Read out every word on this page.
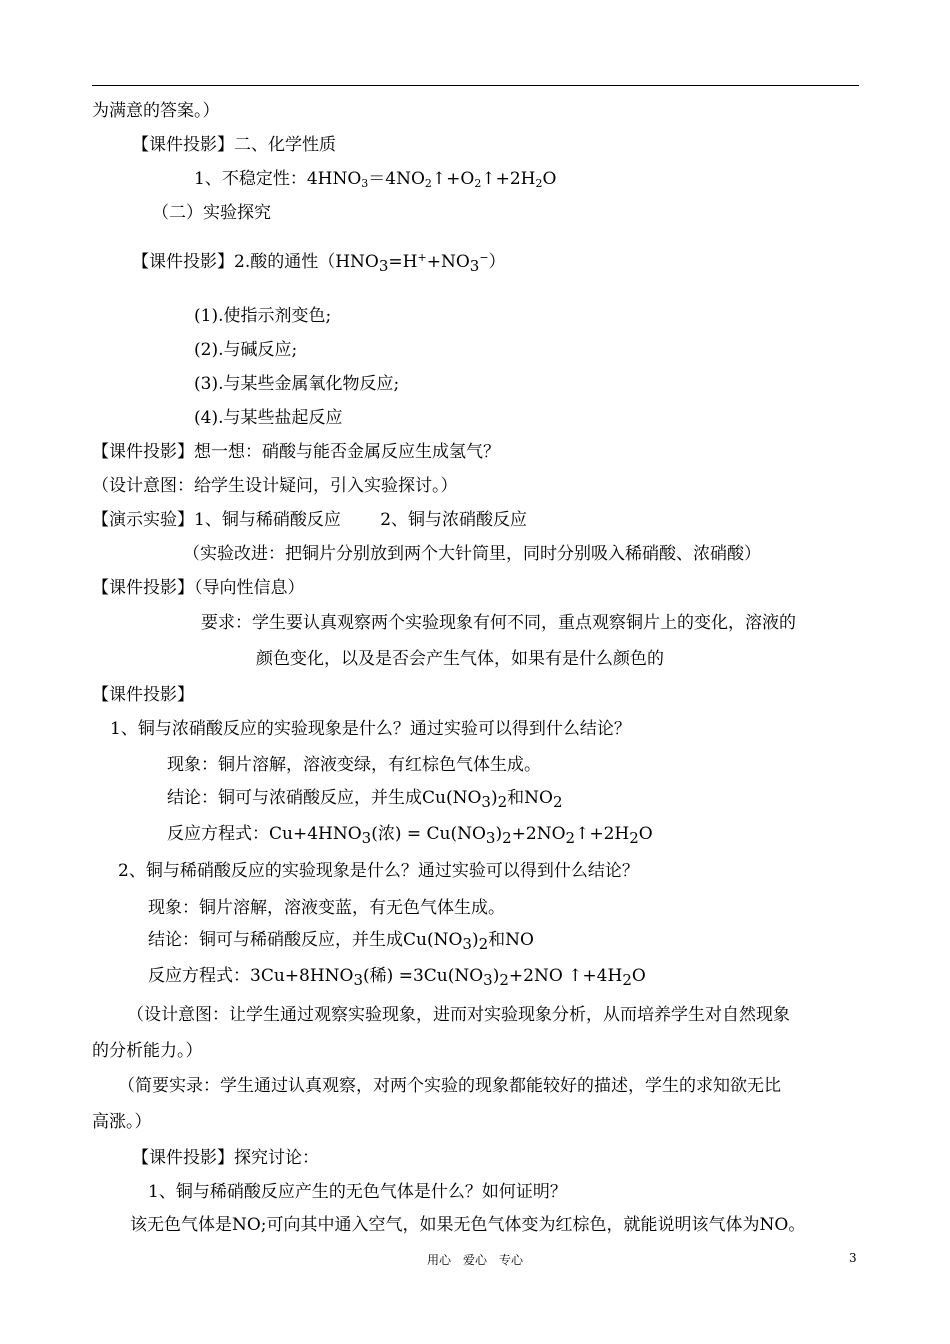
为满意的答案。）
【课件投影】二、化学性质
1、不稳定性：$4HNO_3=4NO_2↑+O_2↑+2H_2O$
（二）实验探究
【课件投影】2.酸的通性$(HNO_3=H^++NO_3^-)$
(1).使指示剂变色;
(2).与碱反应;
(3).与某些金属氧化物反应;
(4).与某些盐起反应
【课件投影】想一想：硝酸与能否金属反应生成氢气？
（设计意图：给学生设计疑问，引入实验探讨。）
【演示实验】1、铜与稀硝酸反应　　 2、铜与浓硝酸反应
（实验改进：把铜片分别放到两个大针筒里，同时分别吸入稀硝酸、浓硝酸）
【课件投影】（导向性信息）
要求：学生要认真观察两个实验现象有何不同，重点观察铜片上的变化，溶液的
颜色变化，以及是否会产生气体，如果有是什么颜色的
【课件投影】
1、铜与浓硝酸反应的实验现象是什么？通过实验可以得到什么结论？
现象：铜片溶解，溶液变绿，有红棕色气体生成。
结论：铜可与浓硝酸反应，并生成$Cu(NO_3)_2$和$NO_2$
反应方程式：$Cu+4HNO_3$(浓) = $Cu(NO_3)_2+2NO_2↑+2H_2O$
2、铜与稀硝酸反应的实验现象是什么？通过实验可以得到什么结论？
现象：铜片溶解，溶液变蓝，有无色气体生成。
结论：铜可与稀硝酸反应，并生成$Cu(NO_3)_2$和NO
反应方程式：$3Cu+8HNO_3$(稀) $=3Cu(NO_3)_2+2NO$ $↑+4H_2O$
（设计意图：让学生通过观察实验现象，进而对实验现象分析，从而培养学生对自然现象
的分析能力。）
（简要实录：学生通过认真观察，对两个实验的现象都能较好的描述，学生的求知欲无比
高涨。）
【课件投影】探究讨论：
1、铜与稀硝酸反应产生的无色气体是什么？如何证明？
该无色气体是NO;可向其中通入空气，如果无色气体变为红棕色，就能说明该气体为NO。
用心　爱心　专心	3
